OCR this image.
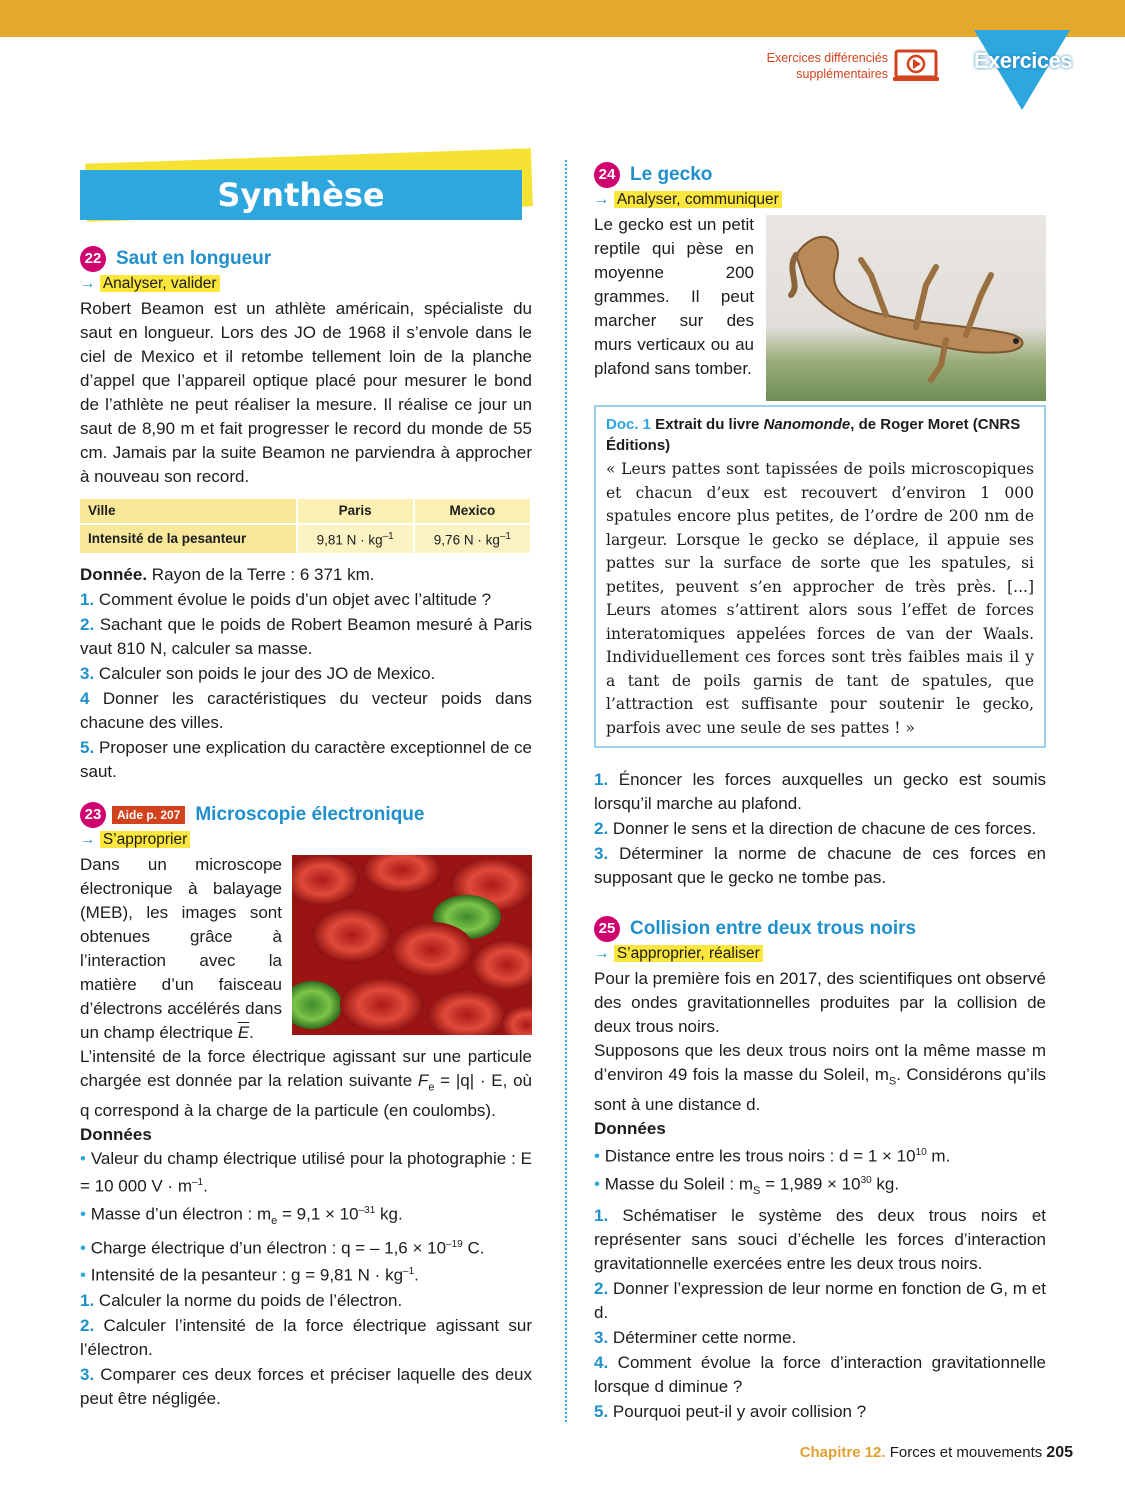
Exercices différenciés
supplémentaires
Exercices
Synthèse
22 Saut en longueur
→ Analyser, valider

Robert Beamon est un athlète américain, spécialiste du saut en longueur. Lors des JO de 1968 il s’envole dans le ciel de Mexico et il retombe tellement loin de la planche d’appel que l’appareil optique placé pour mesurer le bond de l’athlète ne peut réaliser la mesure. Il réalise ce jour un saut de 8,90 m et fait progresser le record du monde de 55 cm. Jamais par la suite Beamon ne parviendra à approcher à nouveau son record.

Ville	Paris	Mexico
Intensité de la pesanteur	9,81 $N \cdot kg^{-1}$	9,76 $N \cdot kg^{-1}$

Donnée. Rayon de la Terre : 6 371 km.

1. Comment évolue le poids d’un objet avec l’altitude ?

2. Sachant que le poids de Robert Beamon mesuré à Paris vaut 810 N, calculer sa masse.

3. Calculer son poids le jour des JO de Mexico.

4 Donner les caractéristiques du vecteur poids dans chacune des villes.

5. Proposer une explication du caractère exceptionnel de ce saut.

23	Aide p. 207 Microscopie électronique
→ S’approprier

Dans un microscope électronique à balayage (MEB), les images sont obtenues grâce à l’interaction avec la matière d’un faisceau d’électrons accélérés dans un champ électrique $\overline{E}$.

L’intensité de la force électrique agissant sur une particule chargée est donnée par la relation suivante $F_e = |q| \cdot E$, où q correspond à la charge de la particule (en coulombs).

Données

• Valeur du champ électrique utilisé pour la photographie : E = 10 000 $V \cdot m^{-1}$.

• Masse d’un électron : $m_e = 9,1 \times 10^{-31}$ kg.

• Charge électrique d’un électron : q = – $1,6 \times 10^{-19}$ C.

• Intensité de la pesanteur : g = 9,81 $N \cdot kg^{-1}$.

1. Calculer la norme du poids de l’électron.

2. Calculer l’intensité de la force électrique agissant sur l’électron.

3. Comparer ces deux forces et préciser laquelle des deux peut être négligée.

24 Le gecko
→ Analyser, communiquer

Le gecko est un petit reptile qui pèse en moyenne 200 grammes. Il peut marcher sur des murs verticaux ou au plafond sans tomber.

Doc. 1 Extrait du livre Nanomonde, de Roger Moret (CNRS Éditions)

« Leurs pattes sont tapissées de poils microscopiques et chacun d’eux est recouvert d’environ 1 000 spatules encore plus petites, de l’ordre de 200 nm de largeur. Lorsque le gecko se déplace, il appuie ses pattes sur la surface de sorte que les spatules, si petites, peuvent s’en approcher de très près. [...] Leurs atomes s’attirent alors sous l’effet de forces interatomiques appelées forces de van der Waals. Individuellement ces forces sont très faibles mais il y a tant de poils garnis de tant de spatules, que l’attraction est suffisante pour soutenir le gecko, parfois avec une seule de ses pattes ! »

1. Énoncer les forces auxquelles un gecko est soumis lorsqu’il marche au plafond.

2. Donner le sens et la direction de chacune de ces forces.

3. Déterminer la norme de chacune de ces forces en supposant que le gecko ne tombe pas.

25 Collision entre deux trous noirs
→ S’approprier, réaliser

Pour la première fois en 2017, des scientifiques ont observé des ondes gravitationnelles produites par la collision de deux trous noirs.

Supposons que les deux trous noirs ont la même masse m d’environ 49 fois la masse du Soleil, $m_S$. Considérons qu’ils sont à une distance d.

Données

• Distance entre les trous noirs : $d = 1 \times 10^{10}$ m.

• Masse du Soleil : $m_S = 1,989 \times 10^{30}$ kg.

1. Schématiser le système des deux trous noirs et représenter sans souci d’échelle les forces d’interaction gravitationnelle exercées entre les deux trous noirs.

2. Donner l’expression de leur norme en fonction de G, m et d.

3. Déterminer cette norme.

4. Comment évolue la force d’interaction gravitationnelle lorsque d diminue ?

5. Pourquoi peut-il y avoir collision ?

Chapitre 12. Forces et mouvements 205
